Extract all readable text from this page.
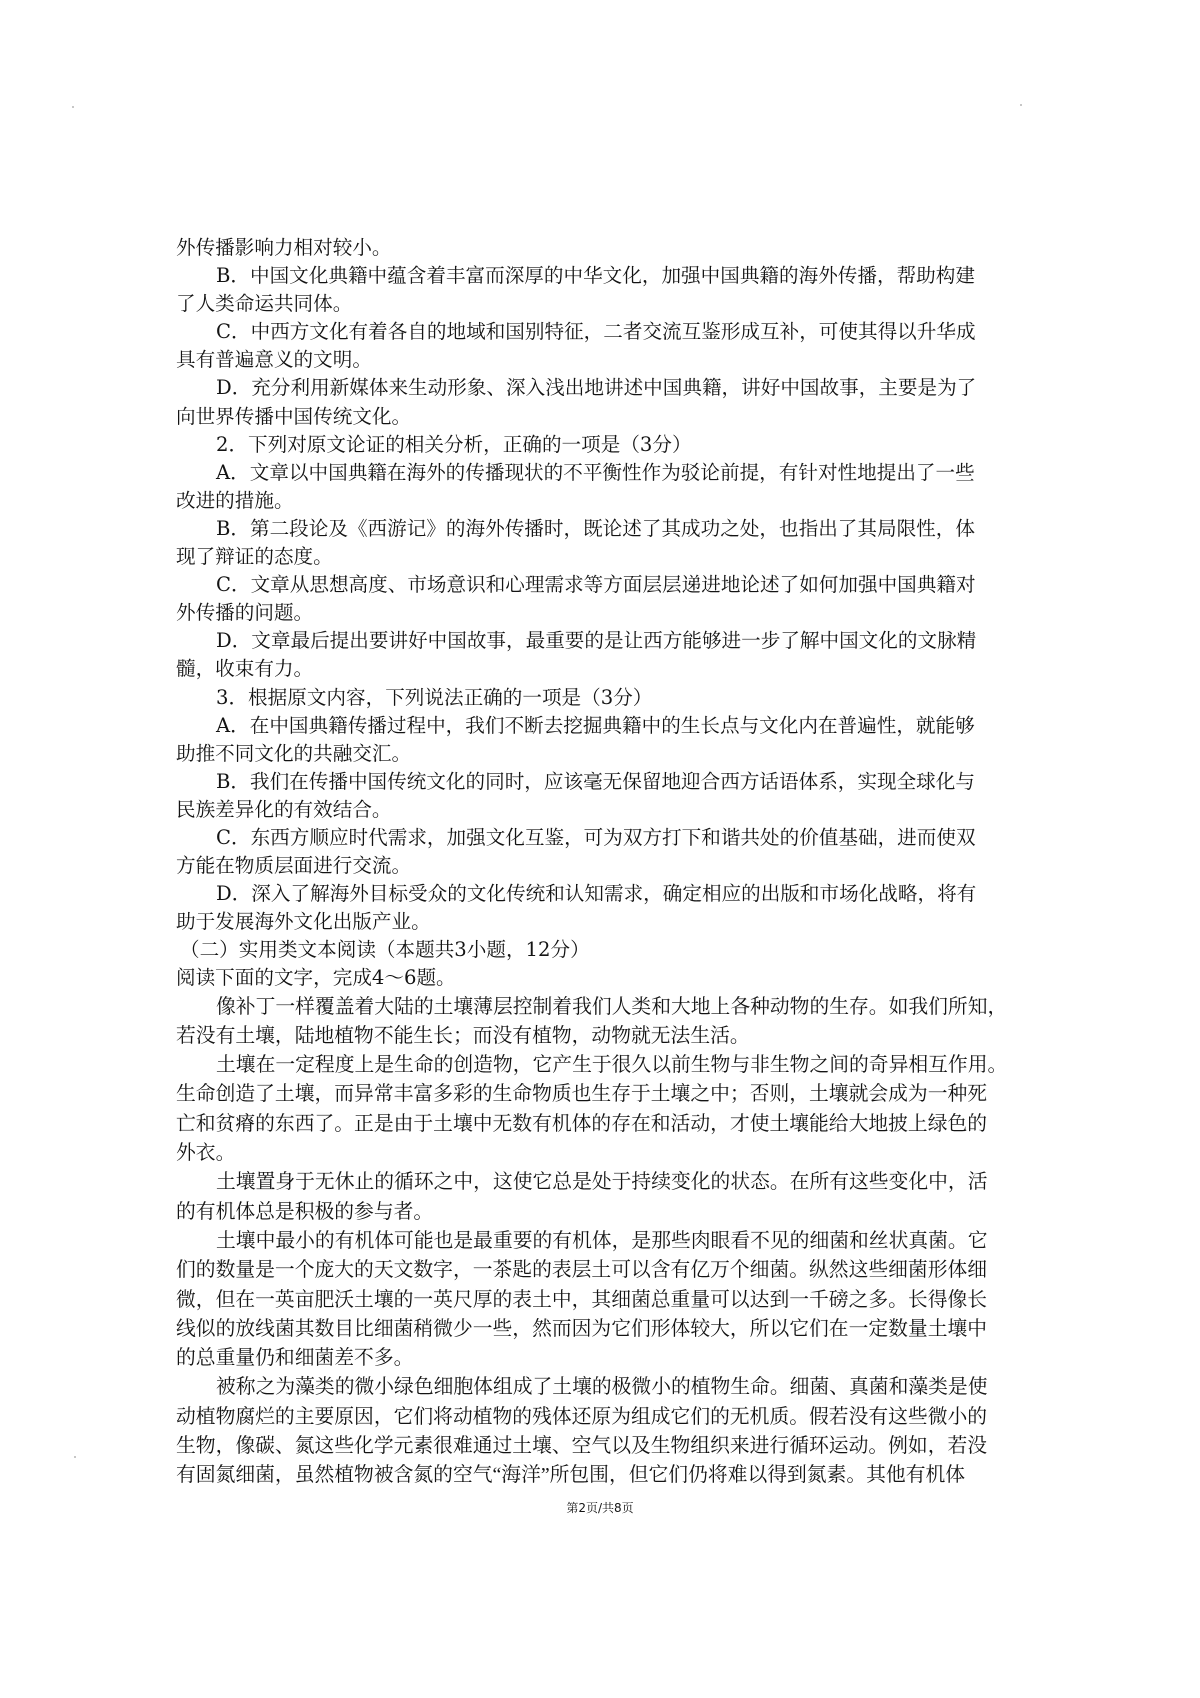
外传播影响力相对较小。
B．中国文化典籍中蕴含着丰富而深厚的中华文化，加强中国典籍的海外传播，帮助构建
了人类命运共同体。
C．中西方文化有着各自的地域和国别特征，二者交流互鉴形成互补，可使其得以升华成
具有普遍意义的文明。
D．充分利用新媒体来生动形象、深入浅出地讲述中国典籍，讲好中国故事，主要是为了
向世界传播中国传统文化。
2．下列对原文论证的相关分析，正确的一项是（3分）
A．文章以中国典籍在海外的传播现状的不平衡性作为驳论前提，有针对性地提出了一些
改进的措施。
B．第二段论及《西游记》的海外传播时，既论述了其成功之处，也指出了其局限性，体
现了辩证的态度。
C．文章从思想高度、市场意识和心理需求等方面层层递进地论述了如何加强中国典籍对
外传播的问题。
D．文章最后提出要讲好中国故事，最重要的是让西方能够进一步了解中国文化的文脉精
髓，收束有力。
3．根据原文内容，下列说法正确的一项是（3分）
A．在中国典籍传播过程中，我们不断去挖掘典籍中的生长点与文化内在普遍性，就能够
助推不同文化的共融交汇。
B．我们在传播中国传统文化的同时，应该毫无保留地迎合西方话语体系，实现全球化与
民族差异化的有效结合。
C．东西方顺应时代需求，加强文化互鉴，可为双方打下和谐共处的价值基础，进而使双
方能在物质层面进行交流。
D．深入了解海外目标受众的文化传统和认知需求，确定相应的出版和市场化战略，将有
助于发展海外文化出版产业。
（二）实用类文本阅读（本题共3小题，12分）
阅读下面的文字，完成4～6题。
像补丁一样覆盖着大陆的土壤薄层控制着我们人类和大地上各种动物的生存。如我们所知，
若没有土壤，陆地植物不能生长；而没有植物，动物就无法生活。
土壤在一定程度上是生命的创造物，它产生于很久以前生物与非生物之间的奇异相互作用。
生命创造了土壤，而异常丰富多彩的生命物质也生存于土壤之中；否则，土壤就会成为一种死
亡和贫瘠的东西了。正是由于土壤中无数有机体的存在和活动，才使土壤能给大地披上绿色的
外衣。
土壤置身于无休止的循环之中，这使它总是处于持续变化的状态。在所有这些变化中，活
的有机体总是积极的参与者。
土壤中最小的有机体可能也是最重要的有机体，是那些肉眼看不见的细菌和丝状真菌。它
们的数量是一个庞大的天文数字，一茶匙的表层土可以含有亿万个细菌。纵然这些细菌形体细
微，但在一英亩肥沃土壤的一英尺厚的表土中，其细菌总重量可以达到一千磅之多。长得像长
线似的放线菌其数目比细菌稍微少一些，然而因为它们形体较大，所以它们在一定数量土壤中
的总重量仍和细菌差不多。
被称之为藻类的微小绿色细胞体组成了土壤的极微小的植物生命。细菌、真菌和藻类是使
动植物腐烂的主要原因，它们将动植物的残体还原为组成它们的无机质。假若没有这些微小的
生物，像碳、氮这些化学元素很难通过土壤、空气以及生物组织来进行循环运动。例如，若没
有固氮细菌，虽然植物被含氮的空气“海洋”所包围，但它们仍将难以得到氮素。其他有机体
第2页/共8页
